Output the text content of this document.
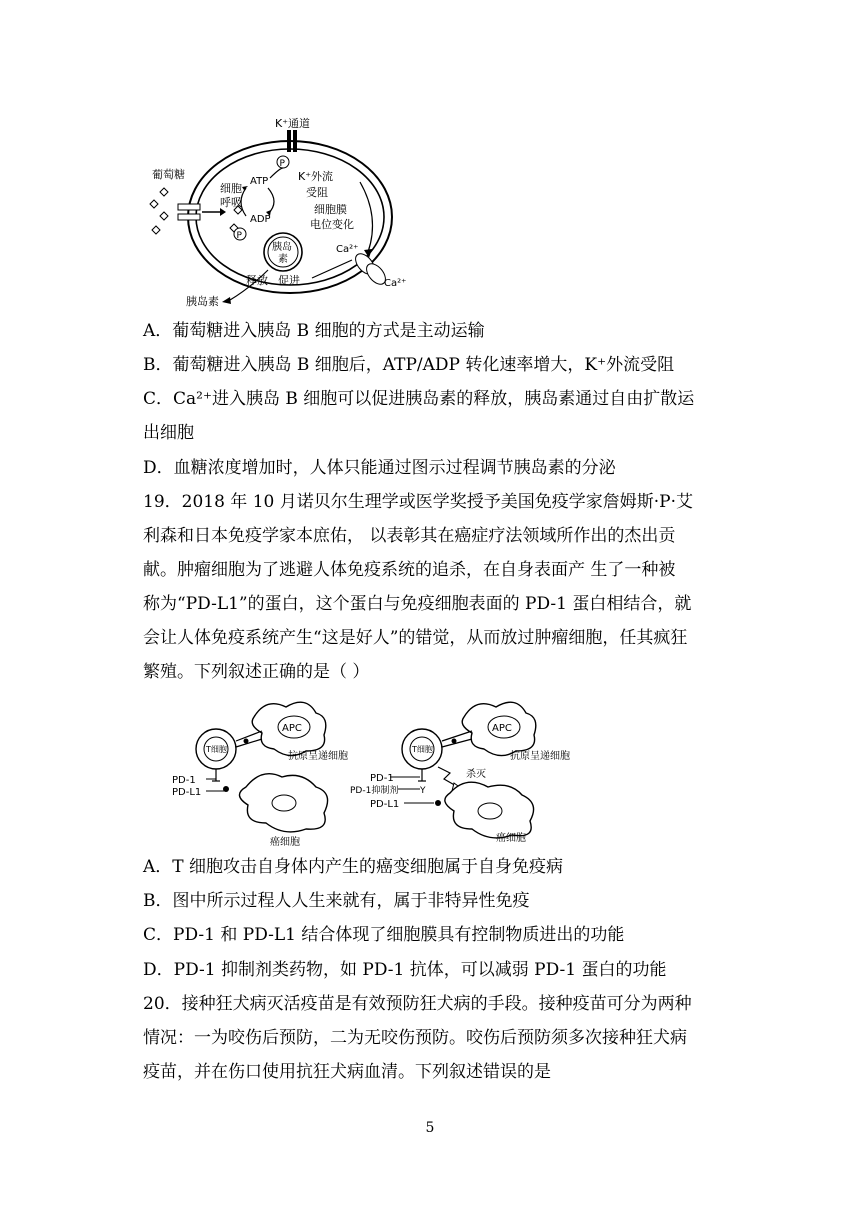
K⁺通道
P
葡萄糖
细胞
呼吸
ATP
ADP
P
K⁺外流
受阻
细胞膜
电位变化
胰岛
素
Ca²⁺
Ca²⁺
释放 促进
胰岛素
A．葡萄糖进入胰岛 B 细胞的方式是主动运输
B．葡萄糖进入胰岛 B 细胞后，ATP/ADP 转化速率增大，K⁺外流受阻
C．Ca²⁺进入胰岛 B 细胞可以促进胰岛素的释放，胰岛素通过自由扩散运
出细胞
D．血糖浓度增加时，人体只能通过图示过程调节胰岛素的分泌
19．2018 年 10 月诺贝尔生理学或医学奖授予美国免疫学家詹姆斯·P·艾
利森和日本免疫学家本庶佑， 以表彰其在癌症疗法领域所作出的杰出贡
献。肿瘤细胞为了逃避人体免疫系统的追杀，在自身表面产 生了一种被
称为“PD-L1”的蛋白，这个蛋白与免疫细胞表面的 PD-1 蛋白相结合，就
会让人体免疫系统产生“这是好人”的错觉，从而放过肿瘤细胞，任其疯狂
繁殖。下列叙述正确的是（ ）
APC
抗原呈递细胞
T细胞
PD-1
PD-L1
癌细胞
APC
抗原呈递细胞
T细胞
杀灭
Y
PD-1
PD-1抑制剂
PD-L1
癌细胞
A．T 细胞攻击自身体内产生的癌变细胞属于自身免疫病
B．图中所示过程人人生来就有，属于非特异性免疫
C．PD-1 和 PD-L1 结合体现了细胞膜具有控制物质进出的功能
D．PD-1 抑制剂类药物，如 PD-1 抗体，可以减弱 PD-1 蛋白的功能
20．接种狂犬病灭活疫苗是有效预防狂犬病的手段。接种疫苗可分为两种
情况：一为咬伤后预防，二为无咬伤预防。咬伤后预防须多次接种狂犬病
疫苗，并在伤口使用抗狂犬病血清。下列叙述错误的是
5
